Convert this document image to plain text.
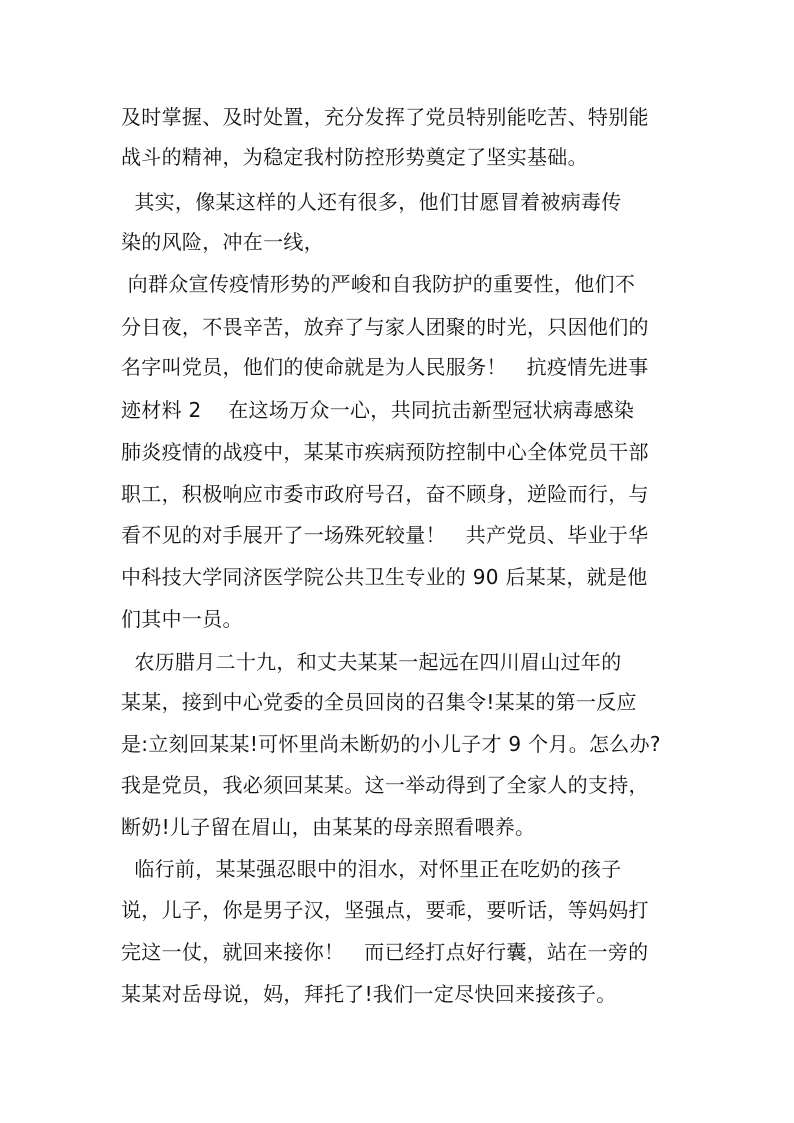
及时掌握、及时处置，充分发挥了党员特别能吃苦、特别能
战斗的精神，为稳定我村防控形势奠定了坚实基础。
其实，像某这样的人还有很多，他们甘愿冒着被病毒传
染的风险，冲在一线，
向群众宣传疫情形势的严峻和自我防护的重要性，他们不
分日夜，不畏辛苦，放弃了与家人团聚的时光，只因他们的
名字叫党员，他们的使命就是为人民服务！   抗疫情先进事
迹材料 2    在这场万众一心，共同抗击新型冠状病毒感染
肺炎疫情的战疫中，某某市疾病预防控制中心全体党员干部
职工，积极响应市委市政府号召，奋不顾身，逆险而行，与
看不见的对手展开了一场殊死较量！   共产党员、毕业于华
中科技大学同济医学院公共卫生专业的 90 后某某，就是他
们其中一员。
农历腊月二十九，和丈夫某某一起远在四川眉山过年的
某某，接到中心党委的全员回岗的召集令!某某的第一反应
是:立刻回某某!可怀里尚未断奶的小儿子才 9 个月。怎么办?
我是党员，我必须回某某。这一举动得到了全家人的支持，
断奶!儿子留在眉山，由某某的母亲照看喂养。
临行前，某某强忍眼中的泪水，对怀里正在吃奶的孩子
说，儿子，你是男子汉，坚强点，要乖，要听话，等妈妈打
完这一仗，就回来接你！   而已经打点好行囊，站在一旁的
某某对岳母说，妈，拜托了!我们一定尽快回来接孩子。
